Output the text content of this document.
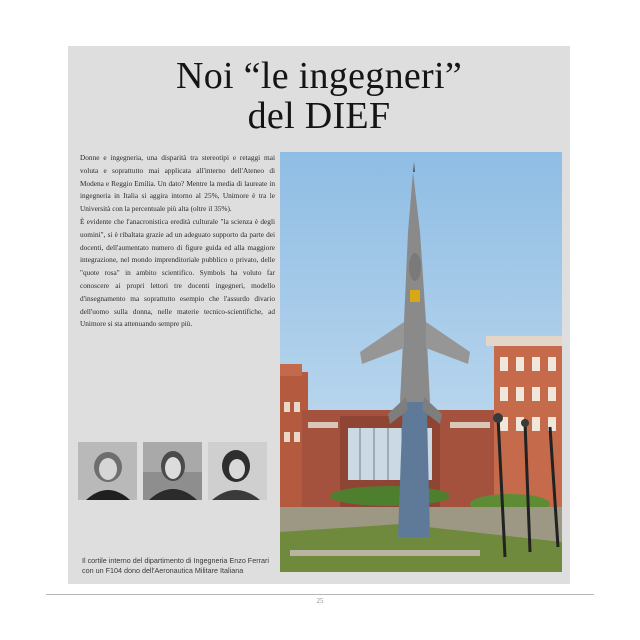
Noi “le ingegneri”
del DIEF

Donne e ingegneria, una disparità tra stereotipi e retaggi mai voluta e soprattutto mai applicata all'interno dell'Ateneo di Modena e Reggio Emilia. Un dato? Mentre la media di laureate in ingegneria in Italia si aggira intorno al 25%, Unimore è tra le Università con la percentuale più alta (oltre il 35%).

È evidente che l'anacronistica eredità culturale "la scienza è degli uomini", si è ribaltata grazie ad un adeguato supporto da parte dei docenti, dell'aumentato numero di figure guida ed alla maggiore integrazione, nel mondo imprenditoriale pubblico o privato, delle "quote rosa" in ambito scientifico. Symbols ha voluto far conoscere ai propri lettori tre docenti ingegneri, modello d'insegnamento ma soprattutto esempio che l'assurdo divario dell'uomo sulla donna, nelle materie tecnico-scientifiche, ad Unimore si sta attenuando sempre più.

Il cortile interno del dipartimento di Ingegneria Enzo Ferrari
con un F104 dono dell'Aeronautica Militare Italiana
25
